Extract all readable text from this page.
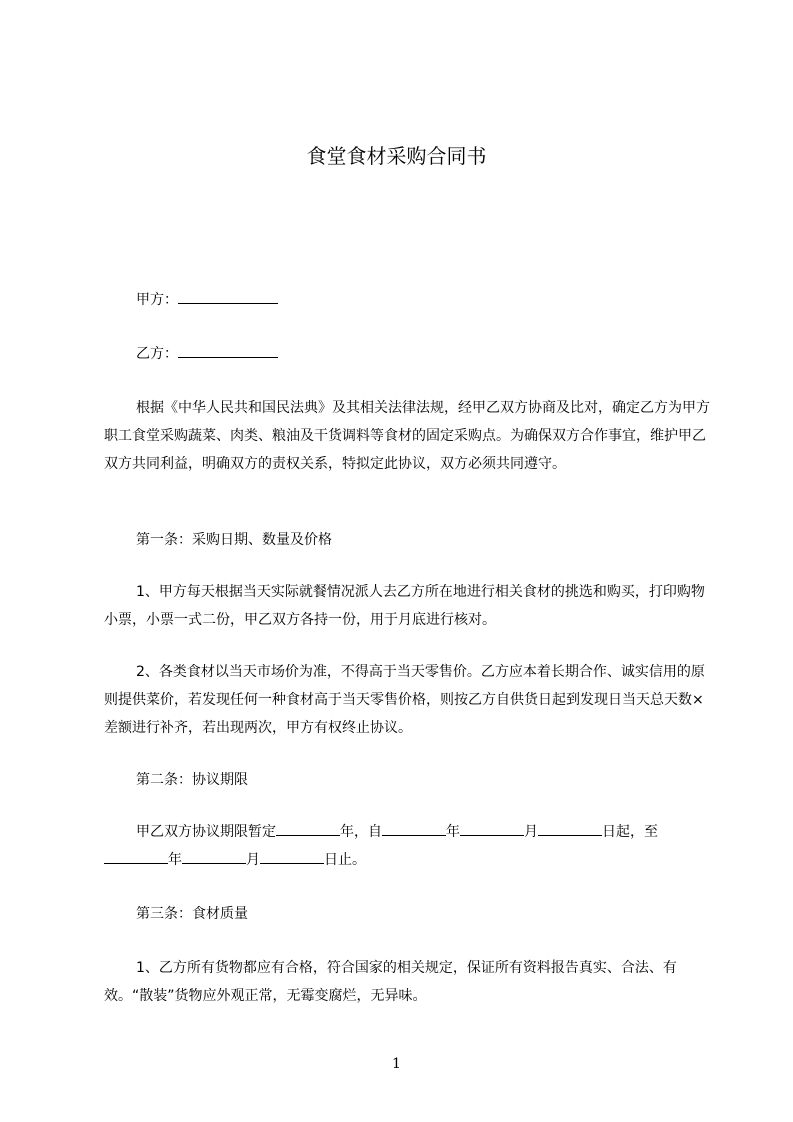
食堂食材采购合同书
甲方：
乙方：
根据《中华人民共和国民法典》及其相关法律法规，经甲乙双方协商及比对，确定乙方为甲方职工食堂采购蔬菜、肉类、粮油及干货调料等食材的固定采购点。为确保双方合作事宜，维护甲乙双方共同利益，明确双方的责权关系，特拟定此协议，双方必须共同遵守。
第一条：采购日期、数量及价格
1、甲方每天根据当天实际就餐情况派人去乙方所在地进行相关食材的挑选和购买，打印购物小票，小票一式二份，甲乙双方各持一份，用于月底进行核对。
2、各类食材以当天市场价为准，不得高于当天零售价。乙方应本着长期合作、诚实信用的原则提供菜价，若发现任何一种食材高于当天零售价格，则按乙方自供货日起到发现日当天总天数×差额进行补齐，若出现两次，甲方有权终止协议。
第二条：协议期限
甲乙双方协议期限暂定	年，自	年	月	日起，至年	月	日止。
第三条：食材质量
1、乙方所有货物都应有合格，符合国家的相关规定，保证所有资料报告真实、合法、有效。“散装”货物应外观正常，无霉变腐烂，无异味。
1
